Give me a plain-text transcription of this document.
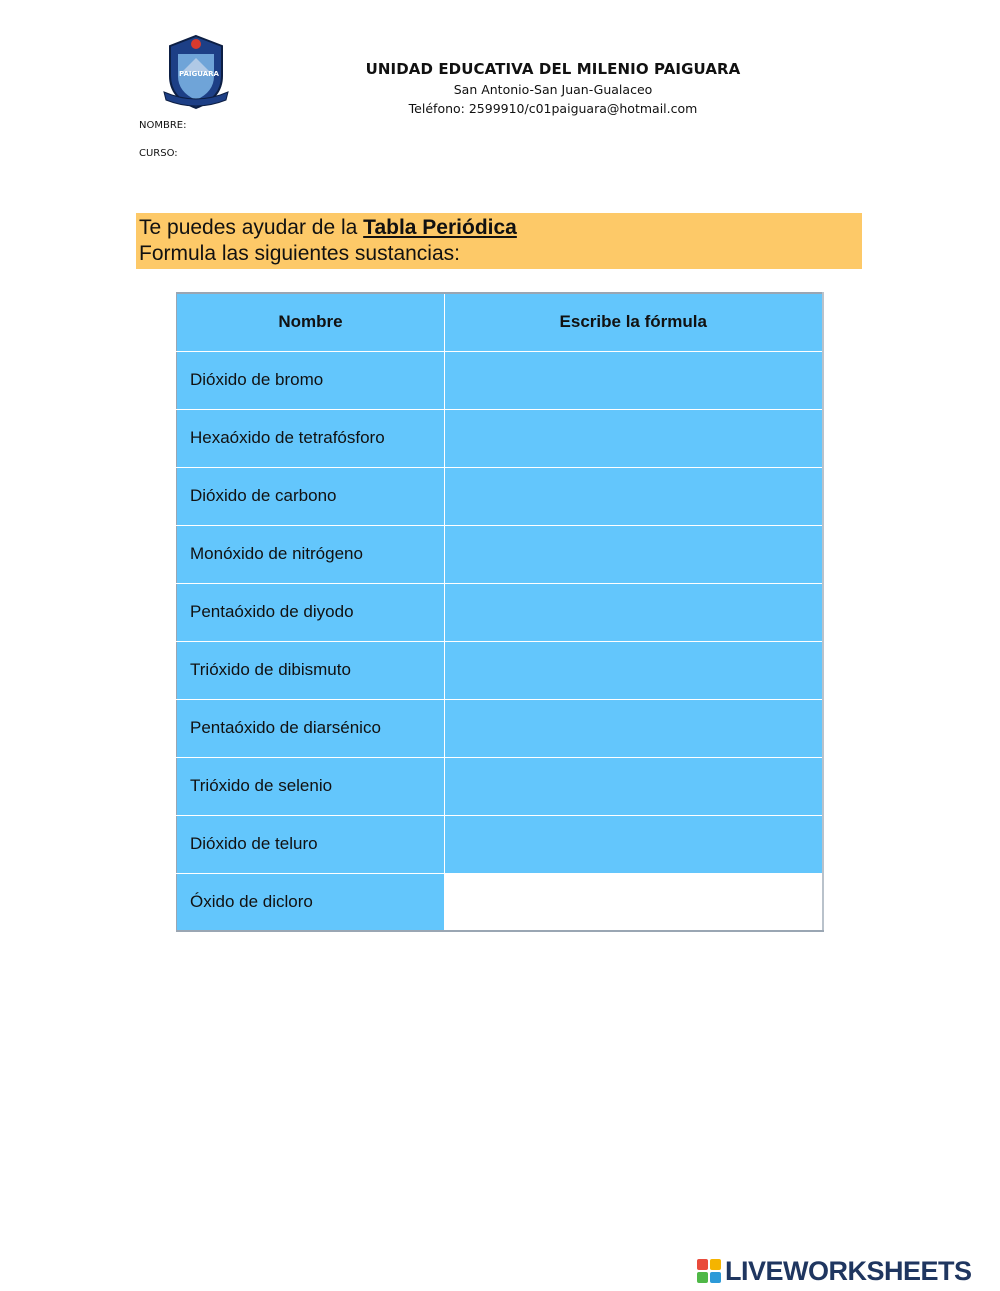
PAIGUARA	UNIDAD EDUCATIVA DEL MILENIO PAIGUARA
San Antonio-San Juan-Gualaceo
Teléfono: 2599910/c01paiguara@hotmail.com
NOMBRE:
CURSO:
Te puedes ayudar de la Tabla Periódica
Formula las siguientes sustancias:
Nombre	Escribe la fórmula
Dióxido de bromo	
Hexaóxido de tetrafósforo	
Dióxido de carbono	
Monóxido de nitrógeno	
Pentaóxido de diyodo	
Trióxido de dibismuto	
Pentaóxido de diarsénico	
Trióxido de selenio	
Dióxido de teluro	
Óxido de dicloro	
LIVEWORKSHEETS
